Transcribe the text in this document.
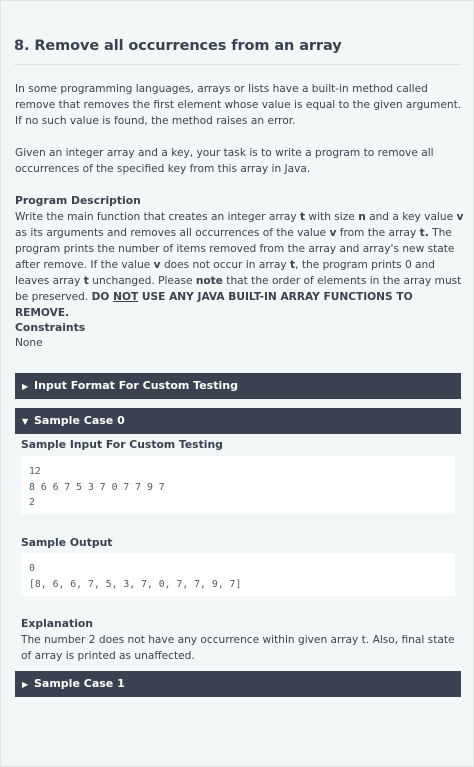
8. Remove all occurrences from an array

In some programming languages, arrays or lists have a built-in method called remove that removes the first element whose value is equal to the given argument. If no such value is found, the method raises an error.

Given an integer array and a key, your task is to write a program to remove all occurrences of the specified key from this array in Java.

Program Description

Write the main function that creates an integer array t with size n and a key value v as its arguments and removes all occurrences of the value v from the array t. The program prints the number of items removed from the array and array's new state after remove. If the value v does not occur in array t, the program prints 0 and leaves array t unchanged. Please note that the order of elements in the array must be preserved. DO NOT USE ANY JAVA BUILT-IN ARRAY FUNCTIONS TO REMOVE.

Constraints

None

▶ Input Format For Custom Testing
▼ Sample Case 0
Sample Input For Custom Testing
12
8 6 6 7 5 3 7 0 7 7 9 7
2
Sample Output
0
[8, 6, 6, 7, 5, 3, 7, 0, 7, 7, 9, 7]
Explanation

The number 2 does not have any occurrence within given array t. Also, final state of array is printed as unaffected.

▶ Sample Case 1
